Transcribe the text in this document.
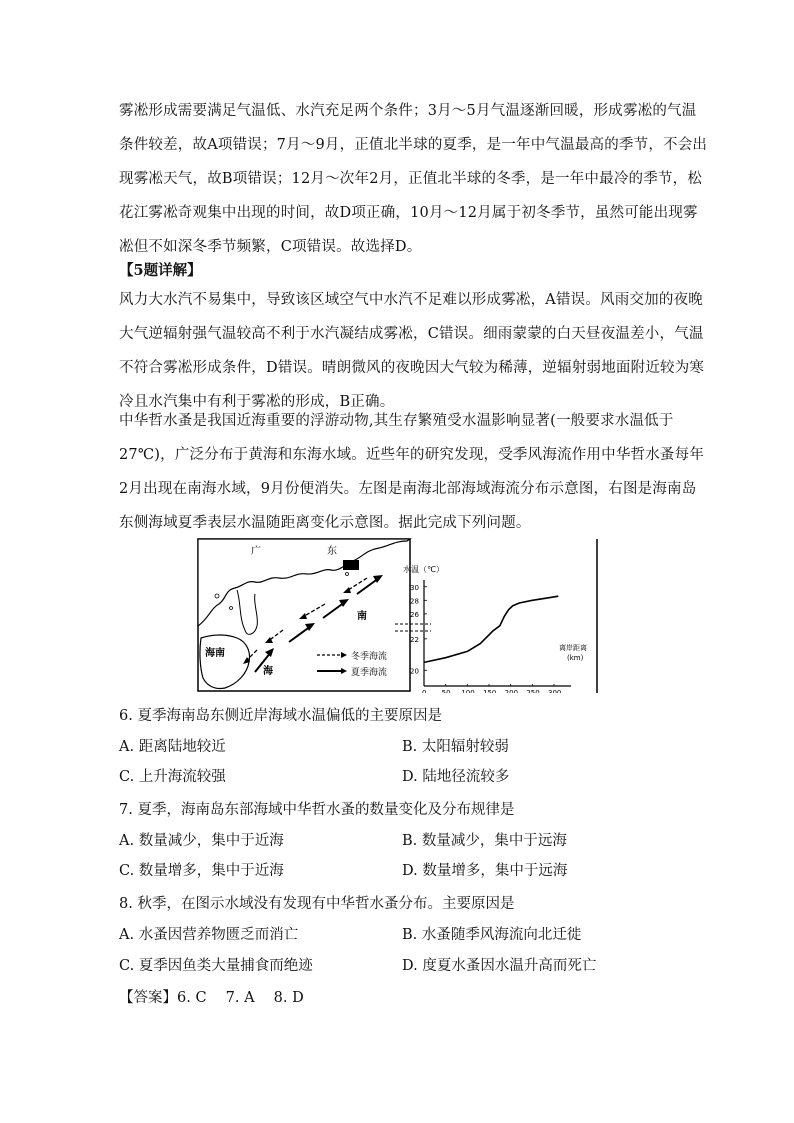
雾凇形成需要满足气温低、水汽充足两个条件；3月～5月气温逐渐回暖，形成雾凇的气温条件较差，故A项错误；7月～9月，正值北半球的夏季，是一年中气温最高的季节，不会出现雾凇天气，故B项错误；12月～次年2月，正值北半球的冬季，是一年中最冷的季节，松花江雾凇奇观集中出现的时间，故D项正确，10月～12月属于初冬季节，虽然可能出现雾凇但不如深冬季节频繁，C项错误。故选择D。

【5题详解】

风力大水汽不易集中，导致该区域空气中水汽不足难以形成雾凇，A错误。风雨交加的夜晚大气逆辐射强气温较高不利于水汽凝结成雾凇，C错误。细雨蒙蒙的白天昼夜温差小，气温不符合雾凇形成条件，D错误。晴朗微风的夜晚因大气较为稀薄，逆辐射弱地面附近较为寒冷且水汽集中有利于雾凇的形成，B正确。

中华哲水蚤是我国近海重要的浮游动物,其生存繁殖受水温影响显著(一般要求水温低于27℃)，广泛分布于黄海和东海水域。近些年的研究发现，受季风海流作用中华哲水蚤每年2月出现在南海水域，9月份便消失。左图是南海北部海域海流分布示意图，右图是海南岛东侧海域夏季表层水温随距离变化示意图。据此完成下列问题。

广	东
南
海
海南	冬季海流
夏季海流
水温（℃）
离岸距离
(km)
0 50 100 150 200 250 300
20
22
26
28
30
6. 夏季海南岛东侧近岸海域水温偏低的主要原因是
A. 距离陆地较近	B. 太阳辐射较弱
C. 上升海流较强	D. 陆地径流较多
7. 夏季，海南岛东部海域中华哲水蚤的数量变化及分布规律是
A. 数量减少，集中于近海	B. 数量减少，集中于远海
C. 数量增多，集中于近海	D. 数量增多，集中于远海
8. 秋季，在图示水域没有发现有中华哲水蚤分布。主要原因是
A. 水蚤因营养物匮乏而消亡	B. 水蚤随季风海流向北迁徙
C. 夏季因鱼类大量捕食而绝迹	D. 度夏水蚤因水温升高而死亡
【答案】6. C　 7. A　 8. D
